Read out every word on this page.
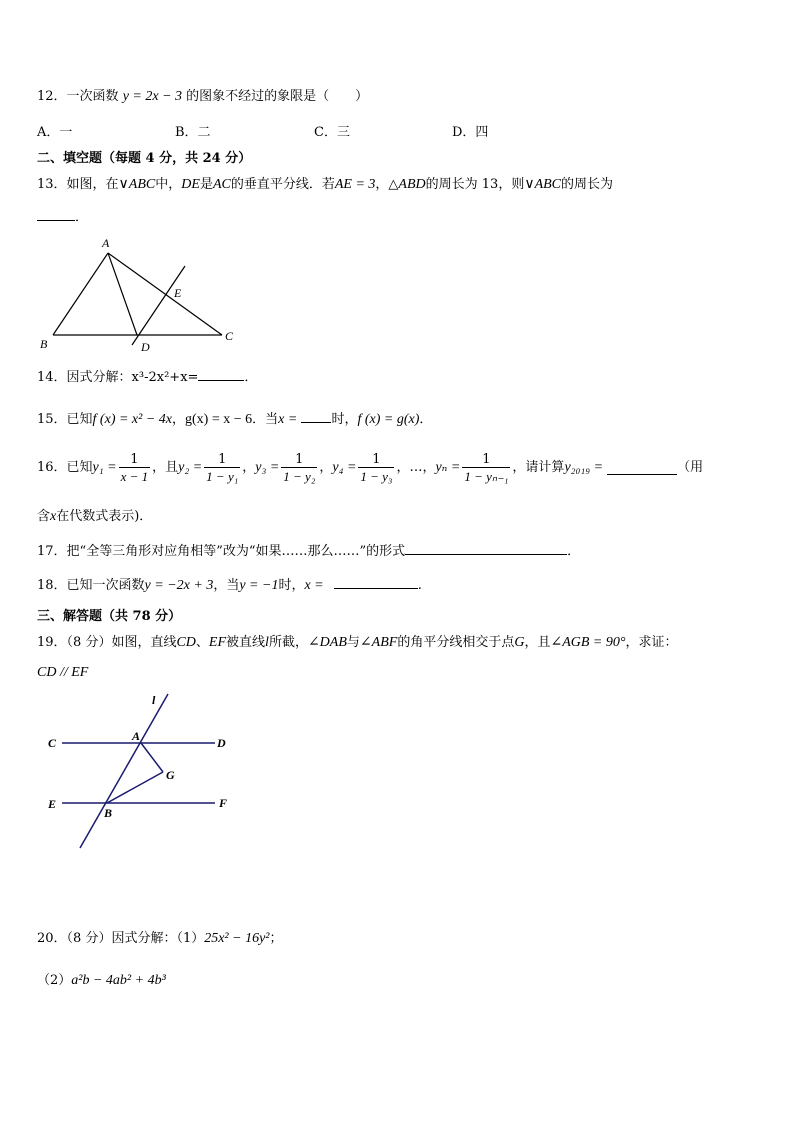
12．一次函数 y = 2x − 3 的图象不经过的象限是（　　）
A．一	B．二	C．三	D．四
二、填空题（每题 4 分，共 24 分）
13．如图，在∨ABC中，DE是AC的垂直平分线．若AE = 3，△ABD的周长为 13，则∨ABC的周长为
．
A
B
C
D
E
14．因式分解：x³-2x²+x=	．
15．已知f (x) = x² − 4x，g(x) = x − 6．当x =	时，f (x) = g(x)．
16．已知 $y_1 = \frac{1}{x - 1}$ ，且 $y_2 = \frac{1}{\text{1 − y₁}}$ ， $y_3 = \frac{1}{\text{1 − y₂}}$ ， $y_4 = \frac{1}{\text{1 − y₃}}$ ，…， $y_n = \frac{1}{\text{1 − yₙ₋₁}}$ ，请计算 y₂₀₁₉ =	（用
含x在代数式表示)．
17．把“全等三角形对应角相等”改为“如果……那么……”的形式	．
18．已知一次函数y = −2x + 3，当y = −1时，x =	.
三、解答题（共 78 分）
19．（8 分）如图，直线CD、EF被直线l所截，∠DAB与∠ABF的角平分线相交于点G，且∠AGB = 90°，求证：
CD // EF
l
C	A	D
G
E
B
F
20．（8 分）因式分解：（1）25x² − 16y²；
（2）a²b − 4ab² + 4b³
